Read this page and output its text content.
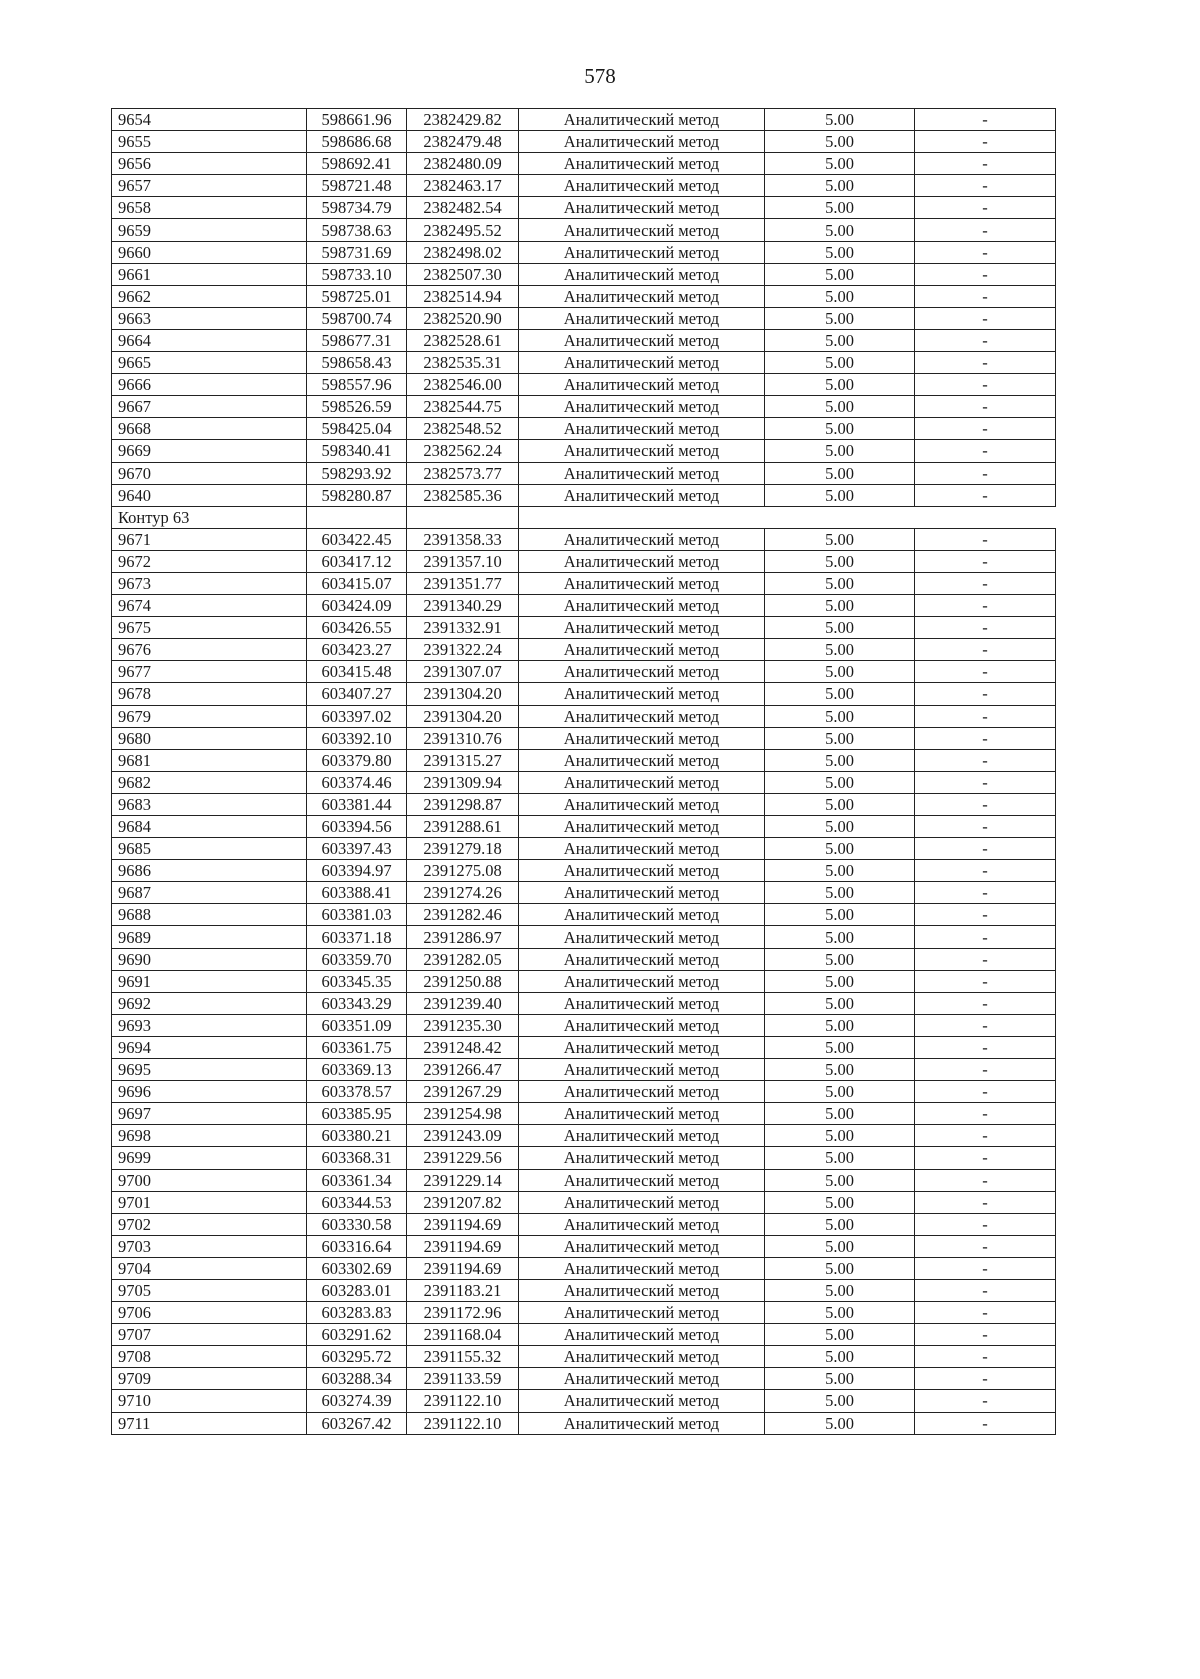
578
9654	598661.96	2382429.82	Аналитический метод	5.00	-
9655	598686.68	2382479.48	Аналитический метод	5.00	-
9656	598692.41	2382480.09	Аналитический метод	5.00	-
9657	598721.48	2382463.17	Аналитический метод	5.00	-
9658	598734.79	2382482.54	Аналитический метод	5.00	-
9659	598738.63	2382495.52	Аналитический метод	5.00	-
9660	598731.69	2382498.02	Аналитический метод	5.00	-
9661	598733.10	2382507.30	Аналитический метод	5.00	-
9662	598725.01	2382514.94	Аналитический метод	5.00	-
9663	598700.74	2382520.90	Аналитический метод	5.00	-
9664	598677.31	2382528.61	Аналитический метод	5.00	-
9665	598658.43	2382535.31	Аналитический метод	5.00	-
9666	598557.96	2382546.00	Аналитический метод	5.00	-
9667	598526.59	2382544.75	Аналитический метод	5.00	-
9668	598425.04	2382548.52	Аналитический метод	5.00	-
9669	598340.41	2382562.24	Аналитический метод	5.00	-
9670	598293.92	2382573.77	Аналитический метод	5.00	-
9640	598280.87	2382585.36	Аналитический метод	5.00	-
Контур 63					
9671	603422.45	2391358.33	Аналитический метод	5.00	-
9672	603417.12	2391357.10	Аналитический метод	5.00	-
9673	603415.07	2391351.77	Аналитический метод	5.00	-
9674	603424.09	2391340.29	Аналитический метод	5.00	-
9675	603426.55	2391332.91	Аналитический метод	5.00	-
9676	603423.27	2391322.24	Аналитический метод	5.00	-
9677	603415.48	2391307.07	Аналитический метод	5.00	-
9678	603407.27	2391304.20	Аналитический метод	5.00	-
9679	603397.02	2391304.20	Аналитический метод	5.00	-
9680	603392.10	2391310.76	Аналитический метод	5.00	-
9681	603379.80	2391315.27	Аналитический метод	5.00	-
9682	603374.46	2391309.94	Аналитический метод	5.00	-
9683	603381.44	2391298.87	Аналитический метод	5.00	-
9684	603394.56	2391288.61	Аналитический метод	5.00	-
9685	603397.43	2391279.18	Аналитический метод	5.00	-
9686	603394.97	2391275.08	Аналитический метод	5.00	-
9687	603388.41	2391274.26	Аналитический метод	5.00	-
9688	603381.03	2391282.46	Аналитический метод	5.00	-
9689	603371.18	2391286.97	Аналитический метод	5.00	-
9690	603359.70	2391282.05	Аналитический метод	5.00	-
9691	603345.35	2391250.88	Аналитический метод	5.00	-
9692	603343.29	2391239.40	Аналитический метод	5.00	-
9693	603351.09	2391235.30	Аналитический метод	5.00	-
9694	603361.75	2391248.42	Аналитический метод	5.00	-
9695	603369.13	2391266.47	Аналитический метод	5.00	-
9696	603378.57	2391267.29	Аналитический метод	5.00	-
9697	603385.95	2391254.98	Аналитический метод	5.00	-
9698	603380.21	2391243.09	Аналитический метод	5.00	-
9699	603368.31	2391229.56	Аналитический метод	5.00	-
9700	603361.34	2391229.14	Аналитический метод	5.00	-
9701	603344.53	2391207.82	Аналитический метод	5.00	-
9702	603330.58	2391194.69	Аналитический метод	5.00	-
9703	603316.64	2391194.69	Аналитический метод	5.00	-
9704	603302.69	2391194.69	Аналитический метод	5.00	-
9705	603283.01	2391183.21	Аналитический метод	5.00	-
9706	603283.83	2391172.96	Аналитический метод	5.00	-
9707	603291.62	2391168.04	Аналитический метод	5.00	-
9708	603295.72	2391155.32	Аналитический метод	5.00	-
9709	603288.34	2391133.59	Аналитический метод	5.00	-
9710	603274.39	2391122.10	Аналитический метод	5.00	-
9711	603267.42	2391122.10	Аналитический метод	5.00	-
